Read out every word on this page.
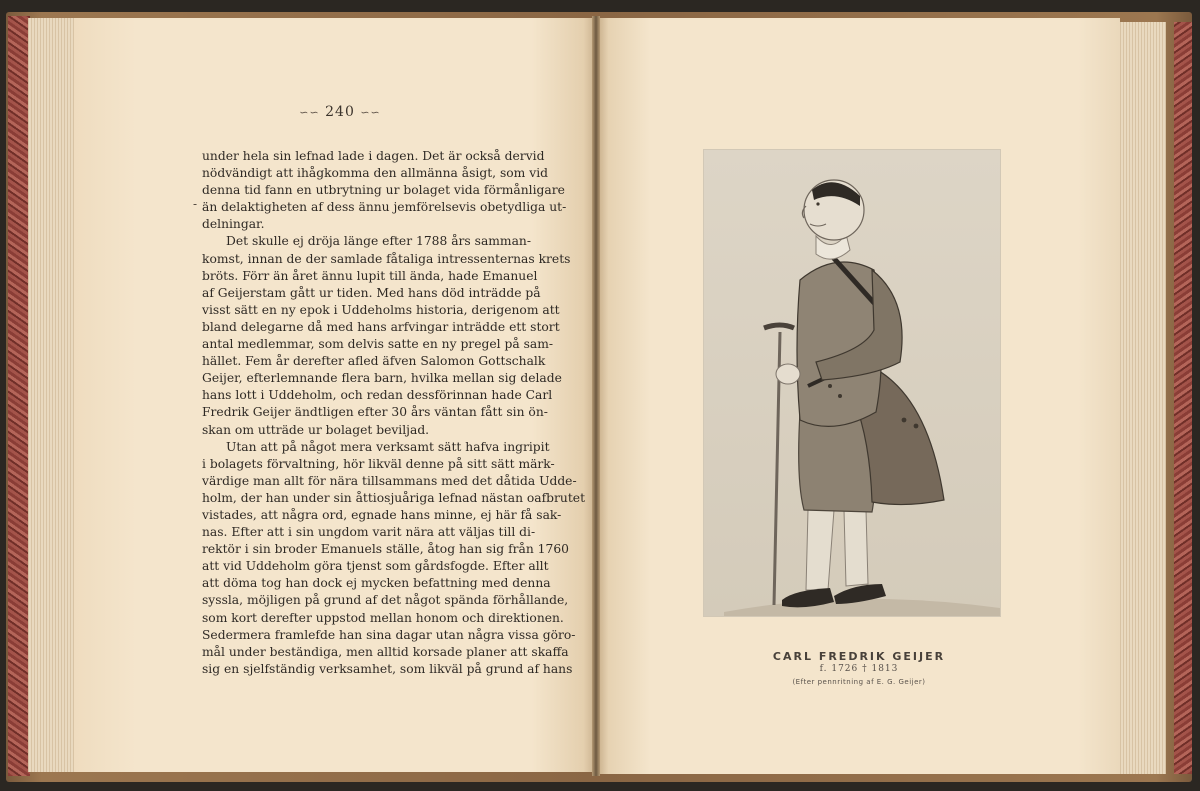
∽⁢∽ 240 ∽⁢∽
-
under hela sin lefnad lade i dagen. Det är också dervid
nödvändigt att ihågkomma den allmänna åsigt, som vid
denna tid fann en utbrytning ur bolaget vida förmånligare
än delaktigheten af dess ännu jemförelsevis obetydliga ut-
delningar.
Det skulle ej dröja länge efter 1788 års samman-
komst, innan de der samlade fåtaliga intressenternas krets
bröts. Förr än året ännu lupit till ända, hade Emanuel
af Geijerstam gått ur tiden. Med hans död inträdde på
visst sätt en ny epok i Uddeholms historia, derigenom att
bland delegarne då med hans arfvingar inträdde ett stort
antal medlemmar, som delvis satte en ny pregel på sam-
hället. Fem år derefter afled äfven Salomon Gottschalk
Geijer, efterlemnande flera barn, hvilka mellan sig delade
hans lott i Uddeholm, och redan dessförinnan hade Carl
Fredrik Geijer ändtligen efter 30 års väntan fått sin ön-
skan om utträde ur bolaget beviljad.
Utan att på något mera verksamt sätt hafva ingripit
i bolagets förvaltning, hör likväl denne på sitt sätt märk-
värdige man allt för nära tillsammans med det dåtida Udde-
holm, der han under sin åttiosjuåriga lefnad nästan oafbrutet
vistades, att några ord, egnade hans minne, ej här få sak-
nas. Efter att i sin ungdom varit nära att väljas till di-
rektör i sin broder Emanuels ställe, åtog han sig från 1760
att vid Uddeholm göra tjenst som gårdsfogde. Efter allt
att döma tog han dock ej mycken befattning med denna
syssla, möjligen på grund af det något spända förhållande,
som kort derefter uppstod mellan honom och direktionen.
Sedermera framlefde han sina dagar utan några vissa göro-
mål under beständiga, men alltid korsade planer att skaffa
sig en sjelfständig verksamhet, som likväl på grund af hans
CARL FREDRIK GEIJER
f. 1726 † 1813
(Efter pennritning af E. G. Geijer)
